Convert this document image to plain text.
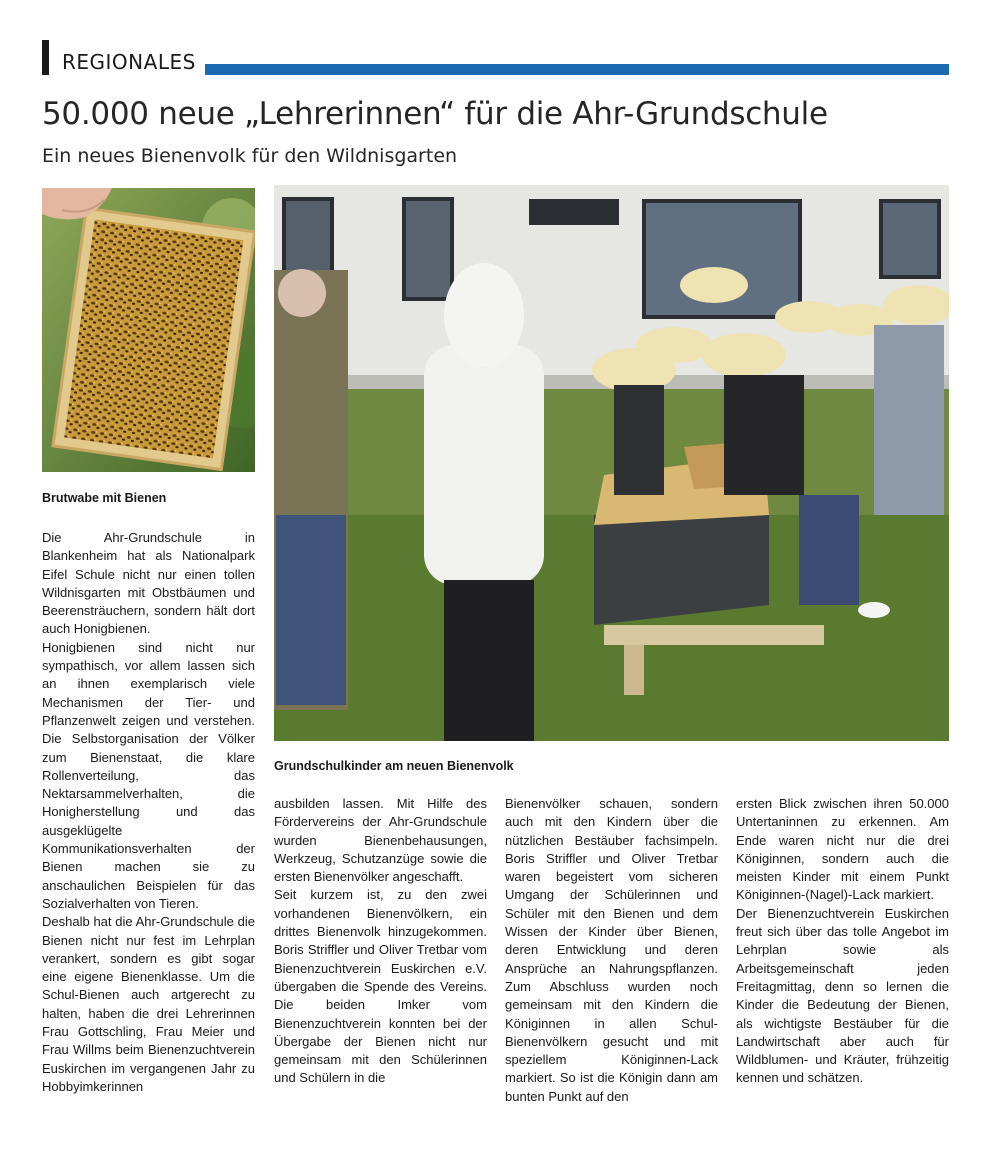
REGIONALES
50.000 neue „Lehrerinnen“ für die Ahr-Grundschule
Ein neues Bienenvolk für den Wildnisgarten
Brutwabe mit Bienen
Grundschulkinder am neuen Bienenvolk

Die Ahr-Grundschule in Blankenheim hat als Nationalpark Eifel Schule nicht nur einen tollen Wildnisgarten mit Obstbäumen und Beerensträuchern, sondern hält dort auch Honigbienen.

Honigbienen sind nicht nur sympathisch, vor allem lassen sich an ihnen exemplarisch viele Mechanismen der Tier- und Pflanzenwelt zeigen und verstehen. Die Selbstorganisation der Völker zum Bienenstaat, die klare Rollenverteilung, das Nektarsammelverhalten, die Honigherstellung und das ausgeklügelte Kommunikationsverhalten der Bienen machen sie zu anschaulichen Beispielen für das Sozialverhalten von Tieren.

Deshalb hat die Ahr-Grundschule die Bienen nicht nur fest im Lehrplan verankert, sondern es gibt sogar eine eigene Bienenklasse. Um die Schul-Bienen auch artgerecht zu halten, haben die drei Lehrerinnen Frau Gottschling, Frau Meier und Frau Willms beim Bienenzuchtverein Euskirchen im vergangenen Jahr zu Hobbyimkerinnen

ausbilden lassen. Mit Hilfe des Fördervereins der Ahr-Grundschule wurden Bienenbehausungen, Werkzeug, Schutzanzüge sowie die ersten Bienenvölker angeschafft.

Seit kurzem ist, zu den zwei vorhandenen Bienenvölkern, ein drittes Bienenvolk hinzugekommen. Boris Striffler und Oliver Tretbar vom Bienenzuchtverein Euskirchen e.V. übergaben die Spende des Vereins. Die beiden Imker vom Bienenzuchtverein konnten bei der Übergabe der Bienen nicht nur gemeinsam mit den Schülerinnen und Schülern in die

Bienenvölker schauen, sondern auch mit den Kindern über die nützlichen Bestäuber fachsimpeln. Boris Striffler und Oliver Tretbar waren begeistert vom sicheren Umgang der Schülerinnen und Schüler mit den Bienen und dem Wissen der Kinder über Bienen, deren Entwicklung und deren Ansprüche an Nahrungspflanzen. Zum Abschluss wurden noch gemeinsam mit den Kindern die Königinnen in allen Schul-Bienenvölkern gesucht und mit speziellem Königinnen-Lack markiert. So ist die Königin dann am bunten Punkt auf den

ersten Blick zwischen ihren 50.000 Untertaninnen zu erkennen. Am Ende waren nicht nur die drei Königinnen, sondern auch die meisten Kinder mit einem Punkt Königinnen-(Nagel)-Lack markiert.

Der Bienenzuchtverein Euskirchen freut sich über das tolle Angebot im Lehrplan sowie als Arbeitsgemeinschaft jeden Freitagmittag, denn so lernen die Kinder die Bedeutung der Bienen, als wichtigste Bestäuber für die Landwirtschaft aber auch für Wildblumen- und Kräuter, frühzeitig kennen und schätzen.
